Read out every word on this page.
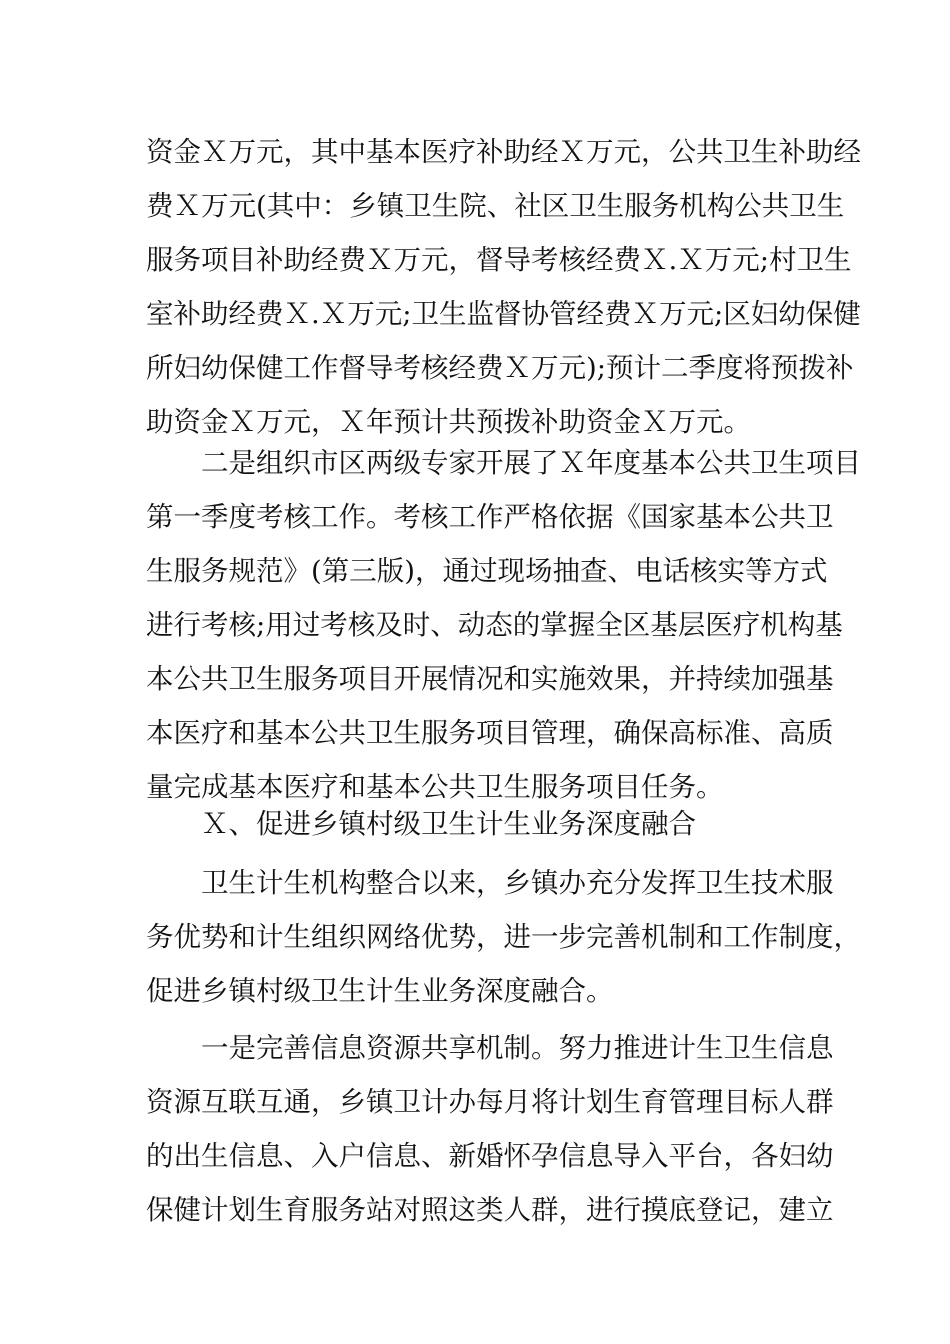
资金Ｘ万元，其中基本医疗补助经Ｘ万元，公共卫生补助经
费Ｘ万元(其中：乡镇卫生院、社区卫生服务机构公共卫生
服务项目补助经费Ｘ万元，督导考核经费Ｘ.Ｘ万元;村卫生
室补助经费Ｘ.Ｘ万元;卫生监督协管经费Ｘ万元;区妇幼保健
所妇幼保健工作督导考核经费Ｘ万元);预计二季度将预拨补
助资金Ｘ万元，Ｘ年预计共预拨补助资金Ｘ万元。
二是组织市区两级专家开展了Ｘ年度基本公共卫生项目
第一季度考核工作。考核工作严格依据《国家基本公共卫
生服务规范》(第三版)，通过现场抽查、电话核实等方式
进行考核;用过考核及时、动态的掌握全区基层医疗机构基
本公共卫生服务项目开展情况和实施效果，并持续加强基
本医疗和基本公共卫生服务项目管理，确保高标准、高质
量完成基本医疗和基本公共卫生服务项目任务。
Ｘ、促进乡镇村级卫生计生业务深度融合
卫生计生机构整合以来，乡镇办充分发挥卫生技术服
务优势和计生组织网络优势，进一步完善机制和工作制度，
促进乡镇村级卫生计生业务深度融合。
一是完善信息资源共享机制。努力推进计生卫生信息
资源互联互通，乡镇卫计办每月将计划生育管理目标人群
的出生信息、入户信息、新婚怀孕信息导入平台，各妇幼
保健计划生育服务站对照这类人群，进行摸底登记，建立
